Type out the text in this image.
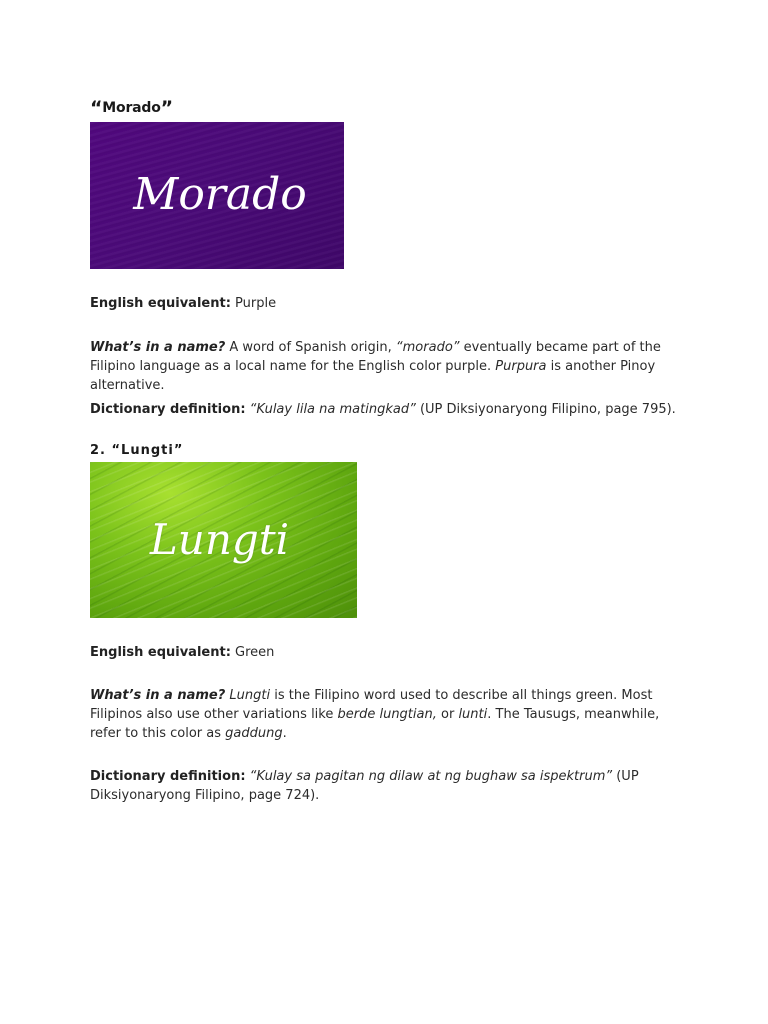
“Morado”
Morado
English equivalent: Purple
What’s in a name? A word of Spanish origin, “morado” eventually became part of the Filipino language as a local name for the English color purple. Purpura is another Pinoy alternative.
Dictionary definition: “Kulay lila na matingkad” (UP Diksiyonaryong Filipino, page 795).
2. “Lungti”
Lungti
English equivalent: Green
What’s in a name? Lungti is the Filipino word used to describe all things green. Most Filipinos also use other variations like berde lungtian, or lunti. The Tausugs, meanwhile, refer to this color as gaddung.
Dictionary definition: “Kulay sa pagitan ng dilaw at ng bughaw sa ispektrum” (UP Diksiyonaryong Filipino, page 724).
